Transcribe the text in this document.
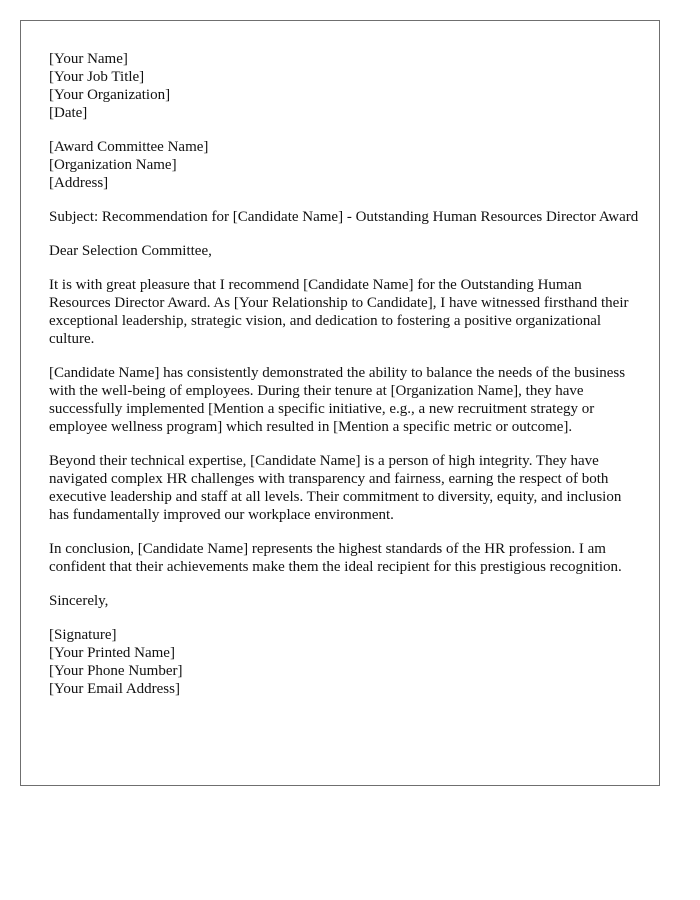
[Your Name]
[Your Job Title]
[Your Organization]
[Date]
[Award Committee Name]
[Organization Name]
[Address]

Subject: Recommendation for [Candidate Name] - Outstanding Human Resources Director Award

Dear Selection Committee,

It is with great pleasure that I recommend [Candidate Name] for the Outstanding Human Resources Director Award. As [Your Relationship to Candidate], I have witnessed firsthand their exceptional leadership, strategic vision, and dedication to fostering a positive organizational culture.

[Candidate Name] has consistently demonstrated the ability to balance the needs of the business with the well-being of employees. During their tenure at [Organization Name], they have successfully implemented [Mention a specific initiative, e.g., a new recruitment strategy or employee wellness program] which resulted in [Mention a specific metric or outcome].

Beyond their technical expertise, [Candidate Name] is a person of high integrity. They have navigated complex HR challenges with transparency and fairness, earning the respect of both executive leadership and staff at all levels. Their commitment to diversity, equity, and inclusion has fundamentally improved our workplace environment.

In conclusion, [Candidate Name] represents the highest standards of the HR profession. I am confident that their achievements make them the ideal recipient for this prestigious recognition.

Sincerely,

[Signature]
[Your Printed Name]
[Your Phone Number]
[Your Email Address]
